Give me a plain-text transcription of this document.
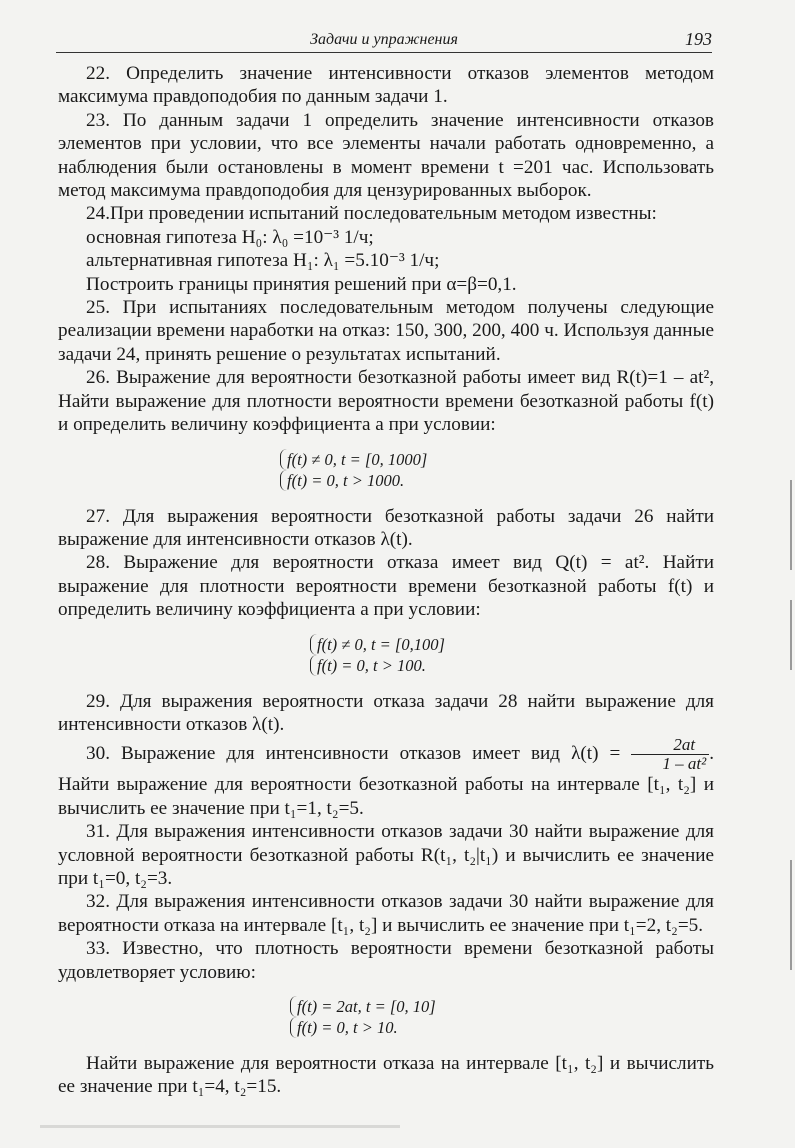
Задачи и упражнения	193

22. Определить значение интенсивности отказов элементов методом максимума правдоподобия по данным задачи 1.

23. По данным задачи 1 определить значение интенсивности отказов элементов при условии, что все элементы начали работать одновременно, а наблюдения были остановлены в момент времени t =201 час. Использовать метод максимума правдоподобия для цензурированных выборок.

24.При проведении испытаний последовательным методом известны:

основная гипотеза H₀: λ₀ =10⁻³ 1/ч;

альтернативная гипотеза H₁: λ₁ =5.10⁻³ 1/ч;

Построить границы принятия решений при α=β=0,1.

25. При испытаниях последовательным методом получены следующие реализации времени наработки на отказ: 150, 300, 200, 400 ч. Используя данные задачи 24, принять решение о результатах испытаний.

26. Выражение для вероятности безотказной работы имеет вид R(t)=1 – at², Найти выражение для плотности вероятности времени безотказной работы f(t) и определить величину коэффициента a при условии:

f(t) ≠ 0, t = [0, 1000]
f(t) = 0, t > 1000.

27. Для выражения вероятности безотказной работы задачи 26 найти выражение для интенсивности отказов λ(t).

28. Выражение для вероятности отказа имеет вид Q(t) = at². Найти выражение для плотности вероятности времени безотказной работы f(t) и определить величину коэффициента a при условии:

f(t) ≠ 0, t = [0,100]
f(t) = 0, t > 100.

29. Для выражения вероятности отказа задачи 28 найти выражение для интенсивности отказов λ(t).

30. Выражение для интенсивности отказов имеет вид $\lambda(t) = \frac{2at}{\text{1 – at²}}$ . Найти выражение для вероятности безотказной работы на интервале [t₁, t₂] и вычислить ее значение при t₁=1, t₂=5.

31. Для выражения интенсивности отказов задачи 30 найти выражение для условной вероятности безотказной работы R(t₁, t₂|t₁) и вычислить ее значение при t₁=0, t₂=3.

32. Для выражения интенсивности отказов задачи 30 найти выражение для вероятности отказа на интервале [t₁, t₂] и вычислить ее значение при t₁=2, t₂=5.

33. Известно, что плотность вероятности времени безотказной работы удовлетворяет условию:

f(t) = 2at, t = [0, 10]
f(t) = 0, t > 10.

Найти выражение для вероятности отказа на интервале [t₁, t₂] и вычислить ее значение при t₁=4, t₂=15.
